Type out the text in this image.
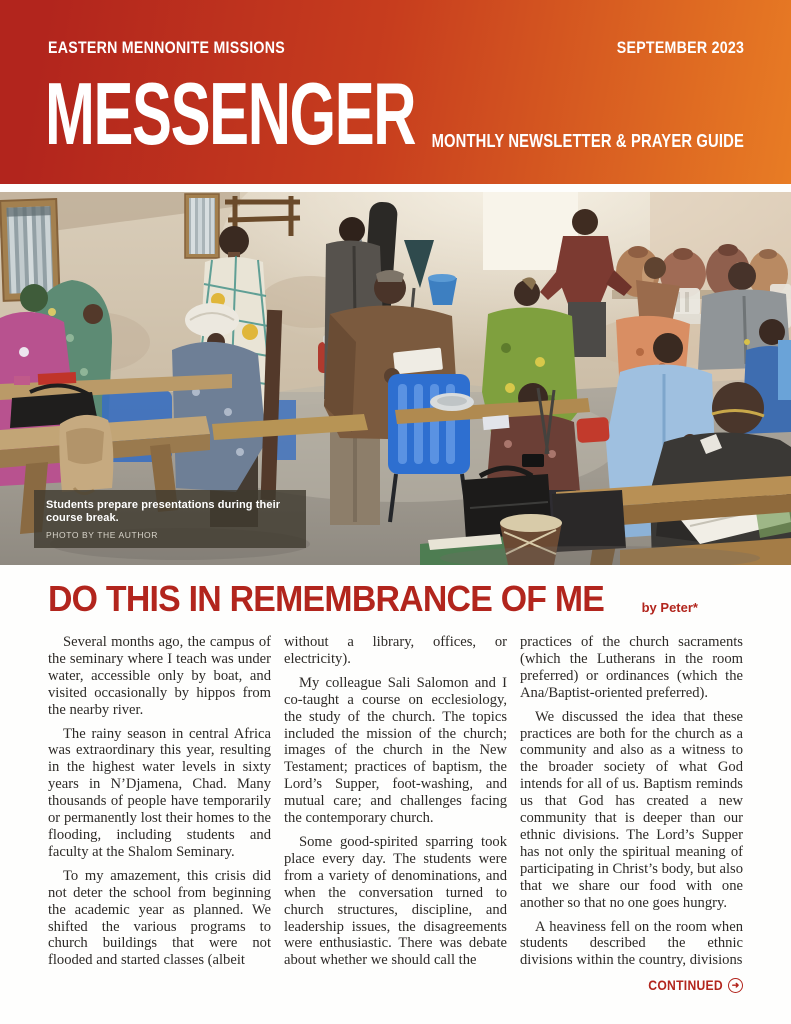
EASTERN MENNONITE MISSIONS	SEPTEMBER 2023
MESSENGER MONTHLY NEWSLETTER & PRAYER GUIDE
Students prepare presentations during their course break.
PHOTO BY THE AUTHOR
DO THIS IN REMEMBRANCE OF ME	by Peter*

Several months ago, the campus of the seminary where I teach was under water, accessible only by boat, and visited occasionally by hippos from the nearby river.

The rainy season in central Africa was extraordinary this year, resulting in the highest water levels in sixty years in N’Djamena, Chad. Many thousands of people have temporarily or permanently lost their homes to the flooding, including students and faculty at the Shalom Seminary.

To my amazement, this crisis did not deter the school from beginning the academic year as planned. We shifted the various programs to church buildings that were not flooded and started classes (albeit

without a library, offices, or electricity).

My colleague Sali Salomon and I co-taught a course on ecclesiology, the study of the church. The topics included the mission of the church; images of the church in the New Testament; practices of baptism, the Lord’s Supper, foot-washing, and mutual care; and challenges facing the contemporary church.

Some good-spirited sparring took place every day. The students were from a variety of denominations, and when the conversation turned to church structures, discipline, and leadership issues, the disagreements were enthusiastic. There was debate about whether we should call the

practices of the church sacraments (which the Lutherans in the room preferred) or ordinances (which the Ana/Baptist-oriented preferred).

We discussed the idea that these practices are both for the church as a community and also as a witness to the broader society of what God intends for all of us. Baptism reminds us that God has created a new community that is deeper than our ethnic divisions. The Lord’s Supper has not only the spiritual meaning of participating in Christ’s body, but also that we share our food with one another so that no one goes hungry.

A heaviness fell on the room when students described the ethnic divisions within the country, divisions

CONTINUED ➜
